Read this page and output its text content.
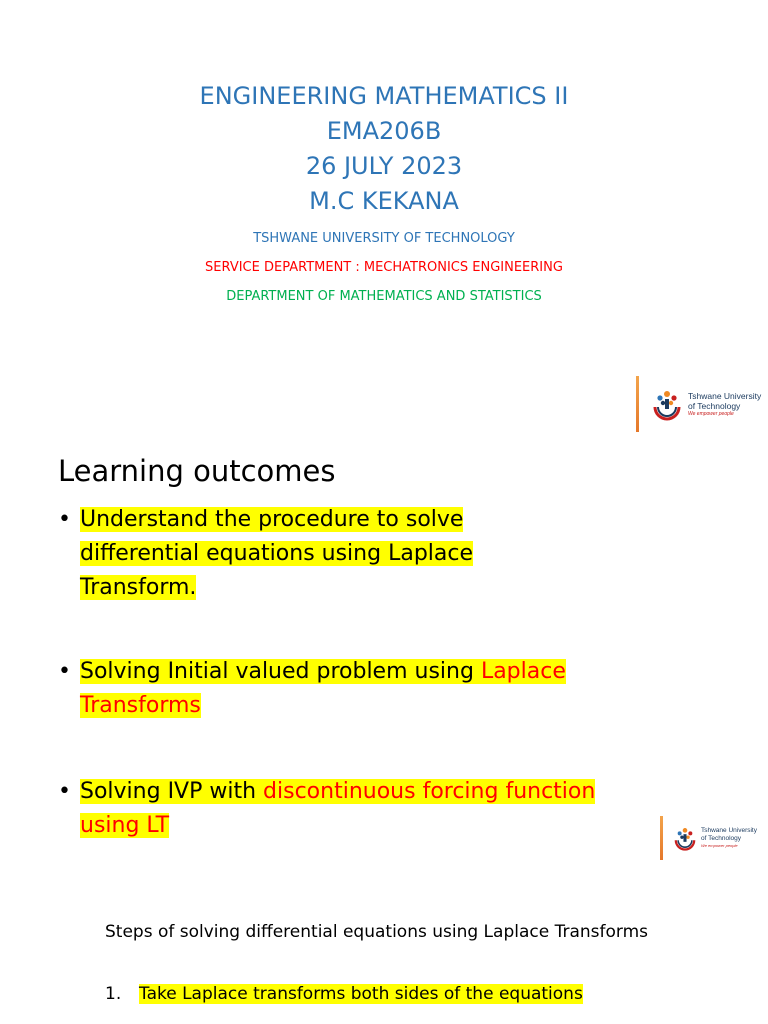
ENGINEERING MATHEMATICS II
EMA206B
26 JULY 2023
M.C KEKANA
TSHWANE UNIVERSITY OF TECHNOLOGY
SERVICE DEPARTMENT : MECHATRONICS ENGINEERING
DEPARTMENT OF MATHEMATICS AND STATISTICS
Tshwane University
of Technology
We empower people
Learning outcomes
• Understand the procedure to solve differential equations using Laplace Transform.
• Solving Initial valued problem using Laplace Transforms
• Solving IVP with discontinuous forcing function using LT	Tshwane University
of Technology
We empower people
Steps of solving differential equations using Laplace Transforms
1. Take Laplace transforms both sides of the equations
